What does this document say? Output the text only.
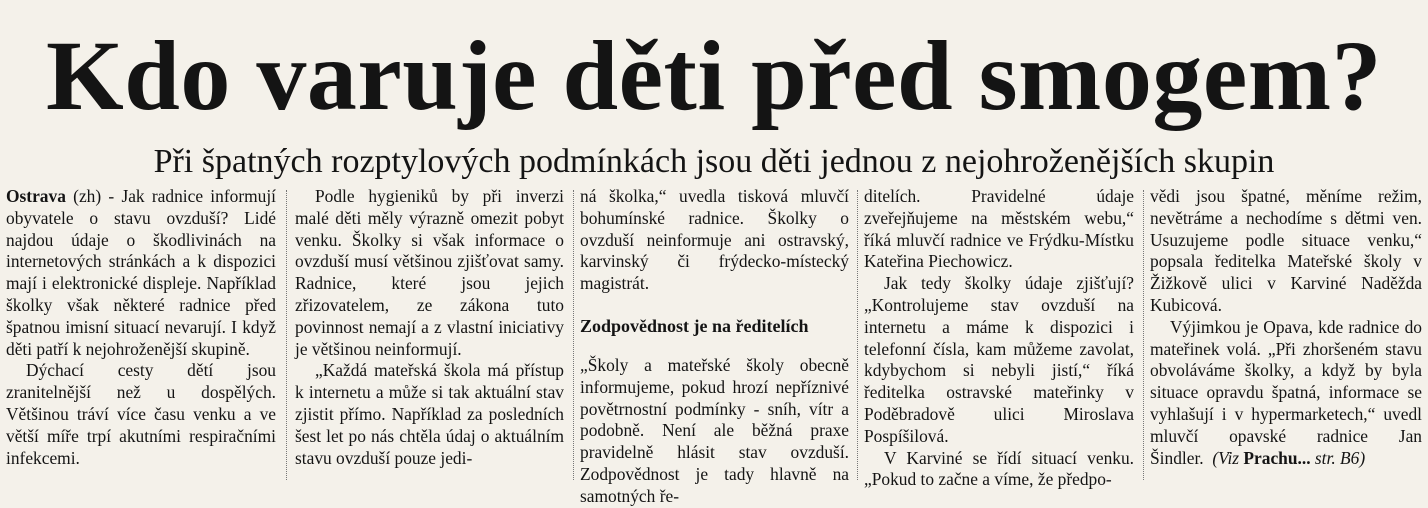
Kdo varuje děti před smogem?
Při špatných rozptylových podmínkách jsou děti jednou z nejohroženějších skupin

Ostrava (zh) - Jak radnice informují obyvatele o stavu ovzduší? Lidé najdou údaje o škodlivinách na internetových stránkách a k dispozici mají i elektronické displeje. Například školky však některé radnice před špatnou imisní situací nevarují. I když děti patří k nejohroženější skupině.

Dýchací cesty dětí jsou zranitelnější než u dospělých. Většinou tráví více času venku a ve větší míře trpí akutními respiračními infekcemi.

Podle hygieniků by při inverzi malé děti měly výrazně omezit pobyt venku. Školky si však informace o ovzduší musí většinou zjišťovat samy. Radnice, které jsou jejich zřizovatelem, ze zákona tuto povinnost nemají a z vlastní iniciativy je většinou neinformují.

„Každá mateřská škola má přístup k internetu a může si tak aktuální stav zjistit přímo. Například za posledních šest let po nás chtěla údaj o aktuálním stavu ovzduší pouze jedi-

ná školka,“ uvedla tisková mluvčí bohumínské radnice. Školky o ovzduší neinformuje ani ostravský, karvinský či frýdecko-místecký magistrát.

Zodpovědnost je na ředitelích

„Školy a mateřské školy obecně informujeme, pokud hrozí nepříznivé povětrnostní podmínky - sníh, vítr a podobně. Není ale běžná praxe pravidelně hlásit stav ovzduší. Zodpovědnost je tady hlavně na samotných ře-

ditelích. Pravidelné údaje zveřejňujeme na městském webu,“ říká mluvčí radnice ve Frýdku-Místku Kateřina Piechowicz.

Jak tedy školky údaje zjišťují? „Kontrolujeme stav ovzduší na internetu a máme k dispozici i telefonní čísla, kam můžeme zavolat, kdybychom si nebyli jistí,“ říká ředitelka ostravské mateřinky v Poděbradově ulici Miroslava Pospíšilová.

V Karviné se řídí situací venku. „Pokud to začne a víme, že předpo-

vědi jsou špatné, měníme režim, nevětráme a nechodíme s dětmi ven. Usuzujeme podle situace venku,“ popsala ředitelka Mateřské školy v Žižkově ulici v Karviné Naděžda Kubicová.

Výjimkou je Opava, kde radnice do mateřinek volá. „Při zhoršeném stavu obvoláváme školky, a když by byla situace opravdu špatná, informace se vyhlašují i v hypermarketech,“ uvedl mluvčí opavské radnice Jan Šindler. (Viz Prachu... str. B6)
